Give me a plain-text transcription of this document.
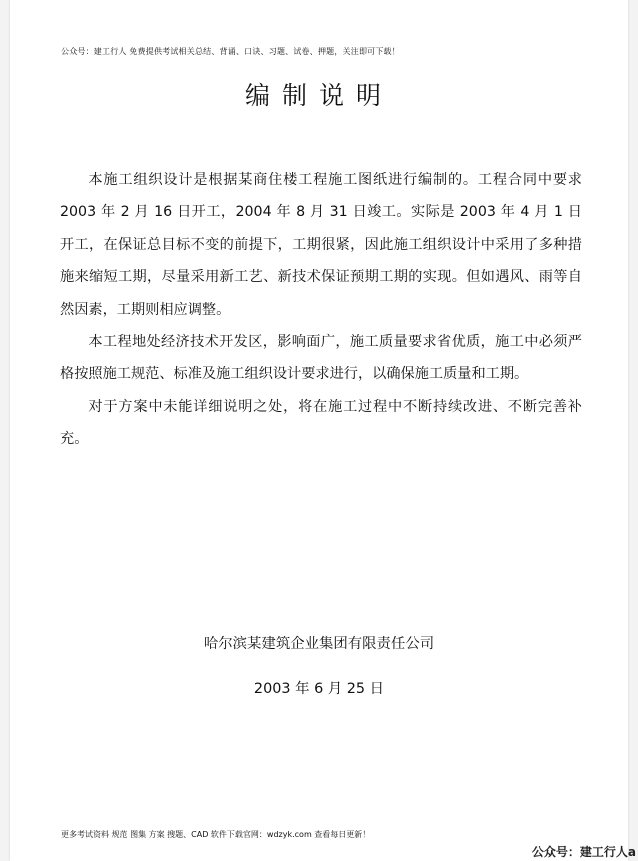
公众号：建工行人 免费提供考试相关总结、背诵、口诀、习题、试卷、押题，关注即可下载！
编制说明

本施工组织设计是根据某商住楼工程施工图纸进行编制的。工程合同中要求 2003 年 2 月 16 日开工，2004 年 8 月 31 日竣工。实际是 2003 年 4 月 1 日开工，在保证总目标不变的前提下，工期很紧，因此施工组织设计中采用了多种措施来缩短工期，尽量采用新工艺、新技术保证预期工期的实现。但如遇风、雨等自然因素，工期则相应调整。

本工程地处经济技术开发区，影响面广，施工质量要求省优质，施工中必须严格按照施工规范、标准及施工组织设计要求进行，以确保施工质量和工期。

对于方案中未能详细说明之处，将在施工过程中不断持续改进、不断完善补充。

哈尔滨某建筑企业集团有限责任公司
2003 年 6 月 25 日
更多考试资料 规范 图集 方案 搜题、CAD 软件下载官网：wdzyk.com 查看每日更新！
公众号：建工行人a
